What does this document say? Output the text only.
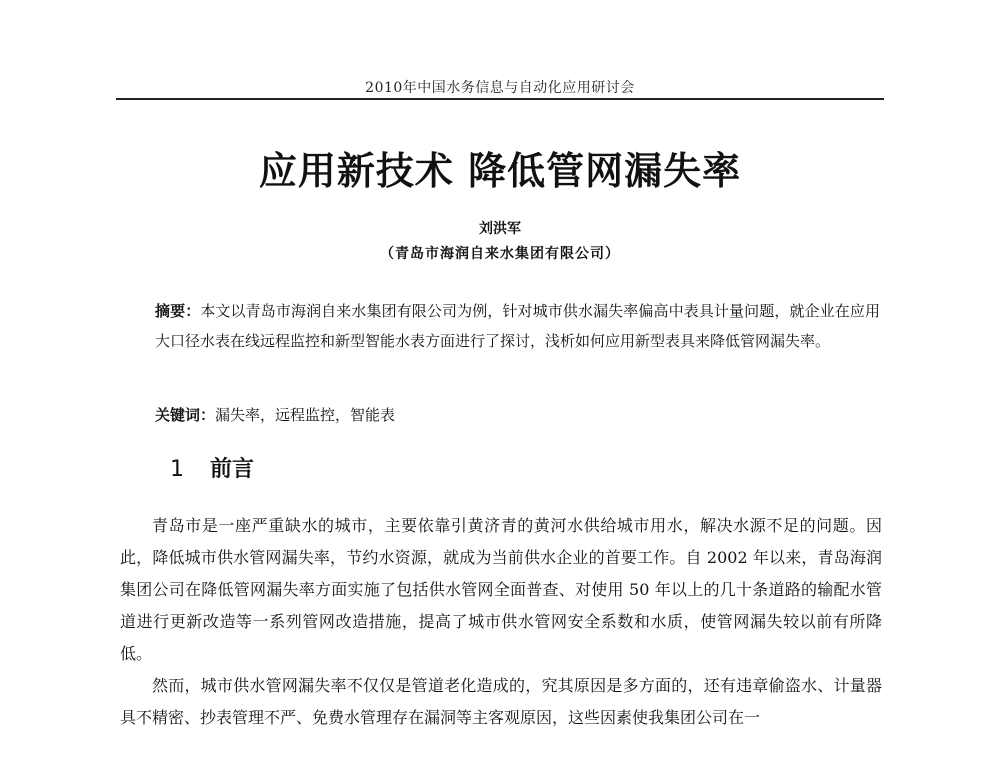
2010年中国水务信息与自动化应用研讨会
应用新技术 降低管网漏失率
刘洪军
（青岛市海润自来水集团有限公司）
摘要：本文以青岛市海润自来水集团有限公司为例，针对城市供水漏失率偏高中表具计量问题，就企业在应用大口径水表在线远程监控和新型智能水表方面进行了探讨，浅析如何应用新型表具来降低管网漏失率。
关键词：漏失率，远程监控，智能表
1 前言

青岛市是一座严重缺水的城市，主要依靠引黄济青的黄河水供给城市用水，解决水源不足的问题。因此，降低城市供水管网漏失率，节约水资源，就成为当前供水企业的首要工作。自 2002 年以来，青岛海润集团公司在降低管网漏失率方面实施了包括供水管网全面普查、对使用 50 年以上的几十条道路的输配水管道进行更新改造等一系列管网改造措施，提高了城市供水管网安全系数和水质，使管网漏失较以前有所降低。

然而，城市供水管网漏失率不仅仅是管道老化造成的，究其原因是多方面的，还有违章偷盗水、计量器具不精密、抄表管理不严、免费水管理存在漏洞等主客观原因，这些因素使我集团公司在一
